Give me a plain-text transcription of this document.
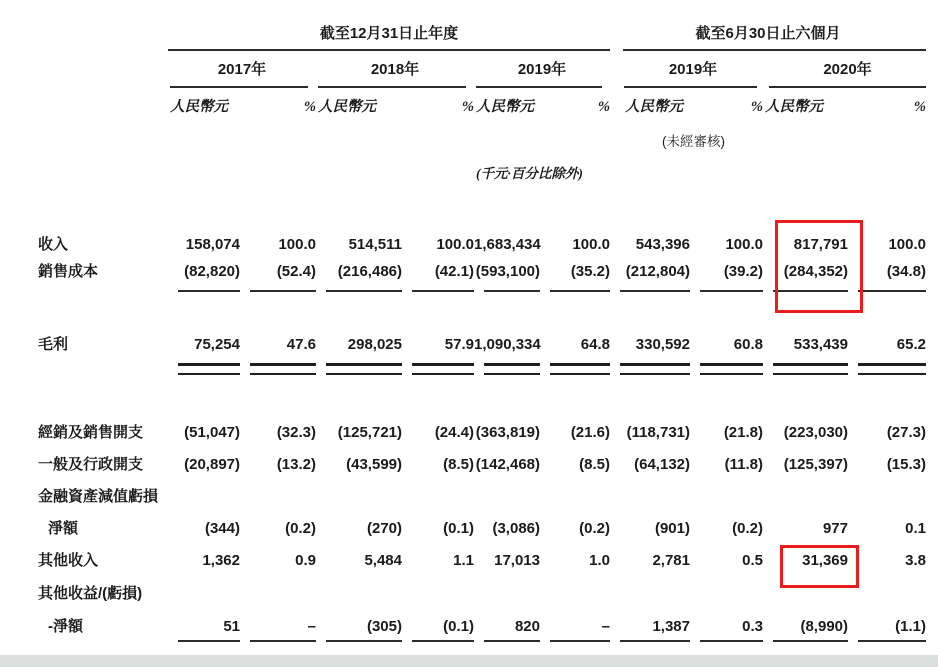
截至12月31日止年度	截至6月30日止六個月
2017年	2018年	2019年	2019年	2020年
人民幣元	% 人民幣元	% 人民幣元	%	人民幣元	% 人民幣元	%
(未經審核)
(千元·百分比除外)
收入	158,074	100.0	514,511	100.0 1,683,434	100.0	543,396	100.0	817,791	100.0
銷售成本	(82,820)	(52.4)	(216,486)	(42.1) (593,100)	(35.2)	(212,804)	(39.2)	(284,352)	(34.8)
毛利	75,254	47.6	298,025	57.9 1,090,334	64.8	330,592	60.8	533,439	65.2
經銷及銷售開支	(51,047)	(32.3)	(125,721)	(24.4) (363,819)	(21.6)	(118,731)	(21.8)	(223,030)	(27.3)
一般及行政開支	(20,897)	(13.2)	(43,599)	(8.5) (142,468)	(8.5)	(64,132)	(11.8)	(125,397)	(15.3)
金融資產減值虧損
淨額	(344)	(0.2)	(270)	(0.1)	(3,086)	(0.2)	(901)	(0.2)	977	0.1
其他收入	1,362	0.9	5,484	1.1	17,013	1.0	2,781	0.5	31,369	3.8
其他收益/(虧損)
-淨額	51	–	(305)	(0.1)	820	–	1,387	0.3	(8,990)	(1.1)
